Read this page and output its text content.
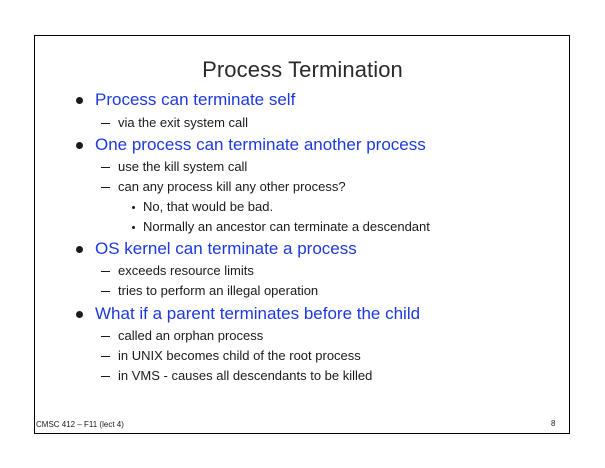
Process Termination
Process can terminate self
via the exit system call
One process can terminate another process
use the kill system call
can any process kill any other process?
No, that would be bad.
Normally an ancestor can terminate a descendant
OS kernel can terminate a process
exceeds resource limits
tries to perform an illegal operation
What if a parent terminates before the child
called an orphan process
in UNIX becomes child of the root process
in VMS - causes all descendants to be killed
CMSC 412 – F11 (lect 4)	8
